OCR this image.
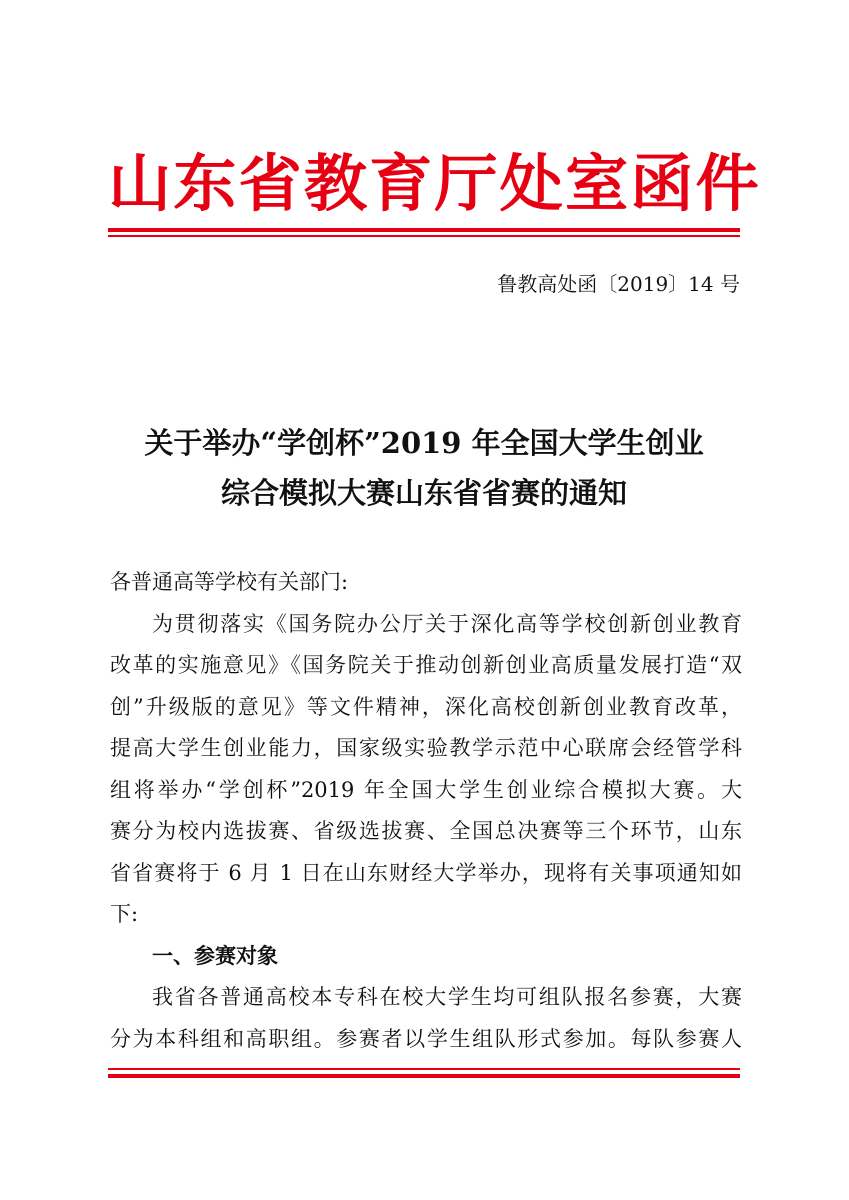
山东省教育厅处室函件
鲁教高处函〔2019〕14 号
关于举办“学创杯”2019 年全国大学生创业
综合模拟大赛山东省省赛的通知
各普通高等学校有关部门:
为贯彻落实《国务院办公厅关于深化高等学校创新创业教育
改革的实施意见》《国务院关于推动创新创业高质量发展打造“双
创”升级版的意见》等文件精神，深化高校创新创业教育改革，
提高大学生创业能力，国家级实验教学示范中心联席会经管学科
组将举办“学创杯”2019 年全国大学生创业综合模拟大赛。大
赛分为校内选拔赛、省级选拔赛、全国总决赛等三个环节，山东
省省赛将于 6 月 1 日在山东财经大学举办，现将有关事项通知如
下:
一、参赛对象
我省各普通高校本专科在校大学生均可组队报名参赛，大赛
分为本科组和高职组。参赛者以学生组队形式参加。每队参赛人
